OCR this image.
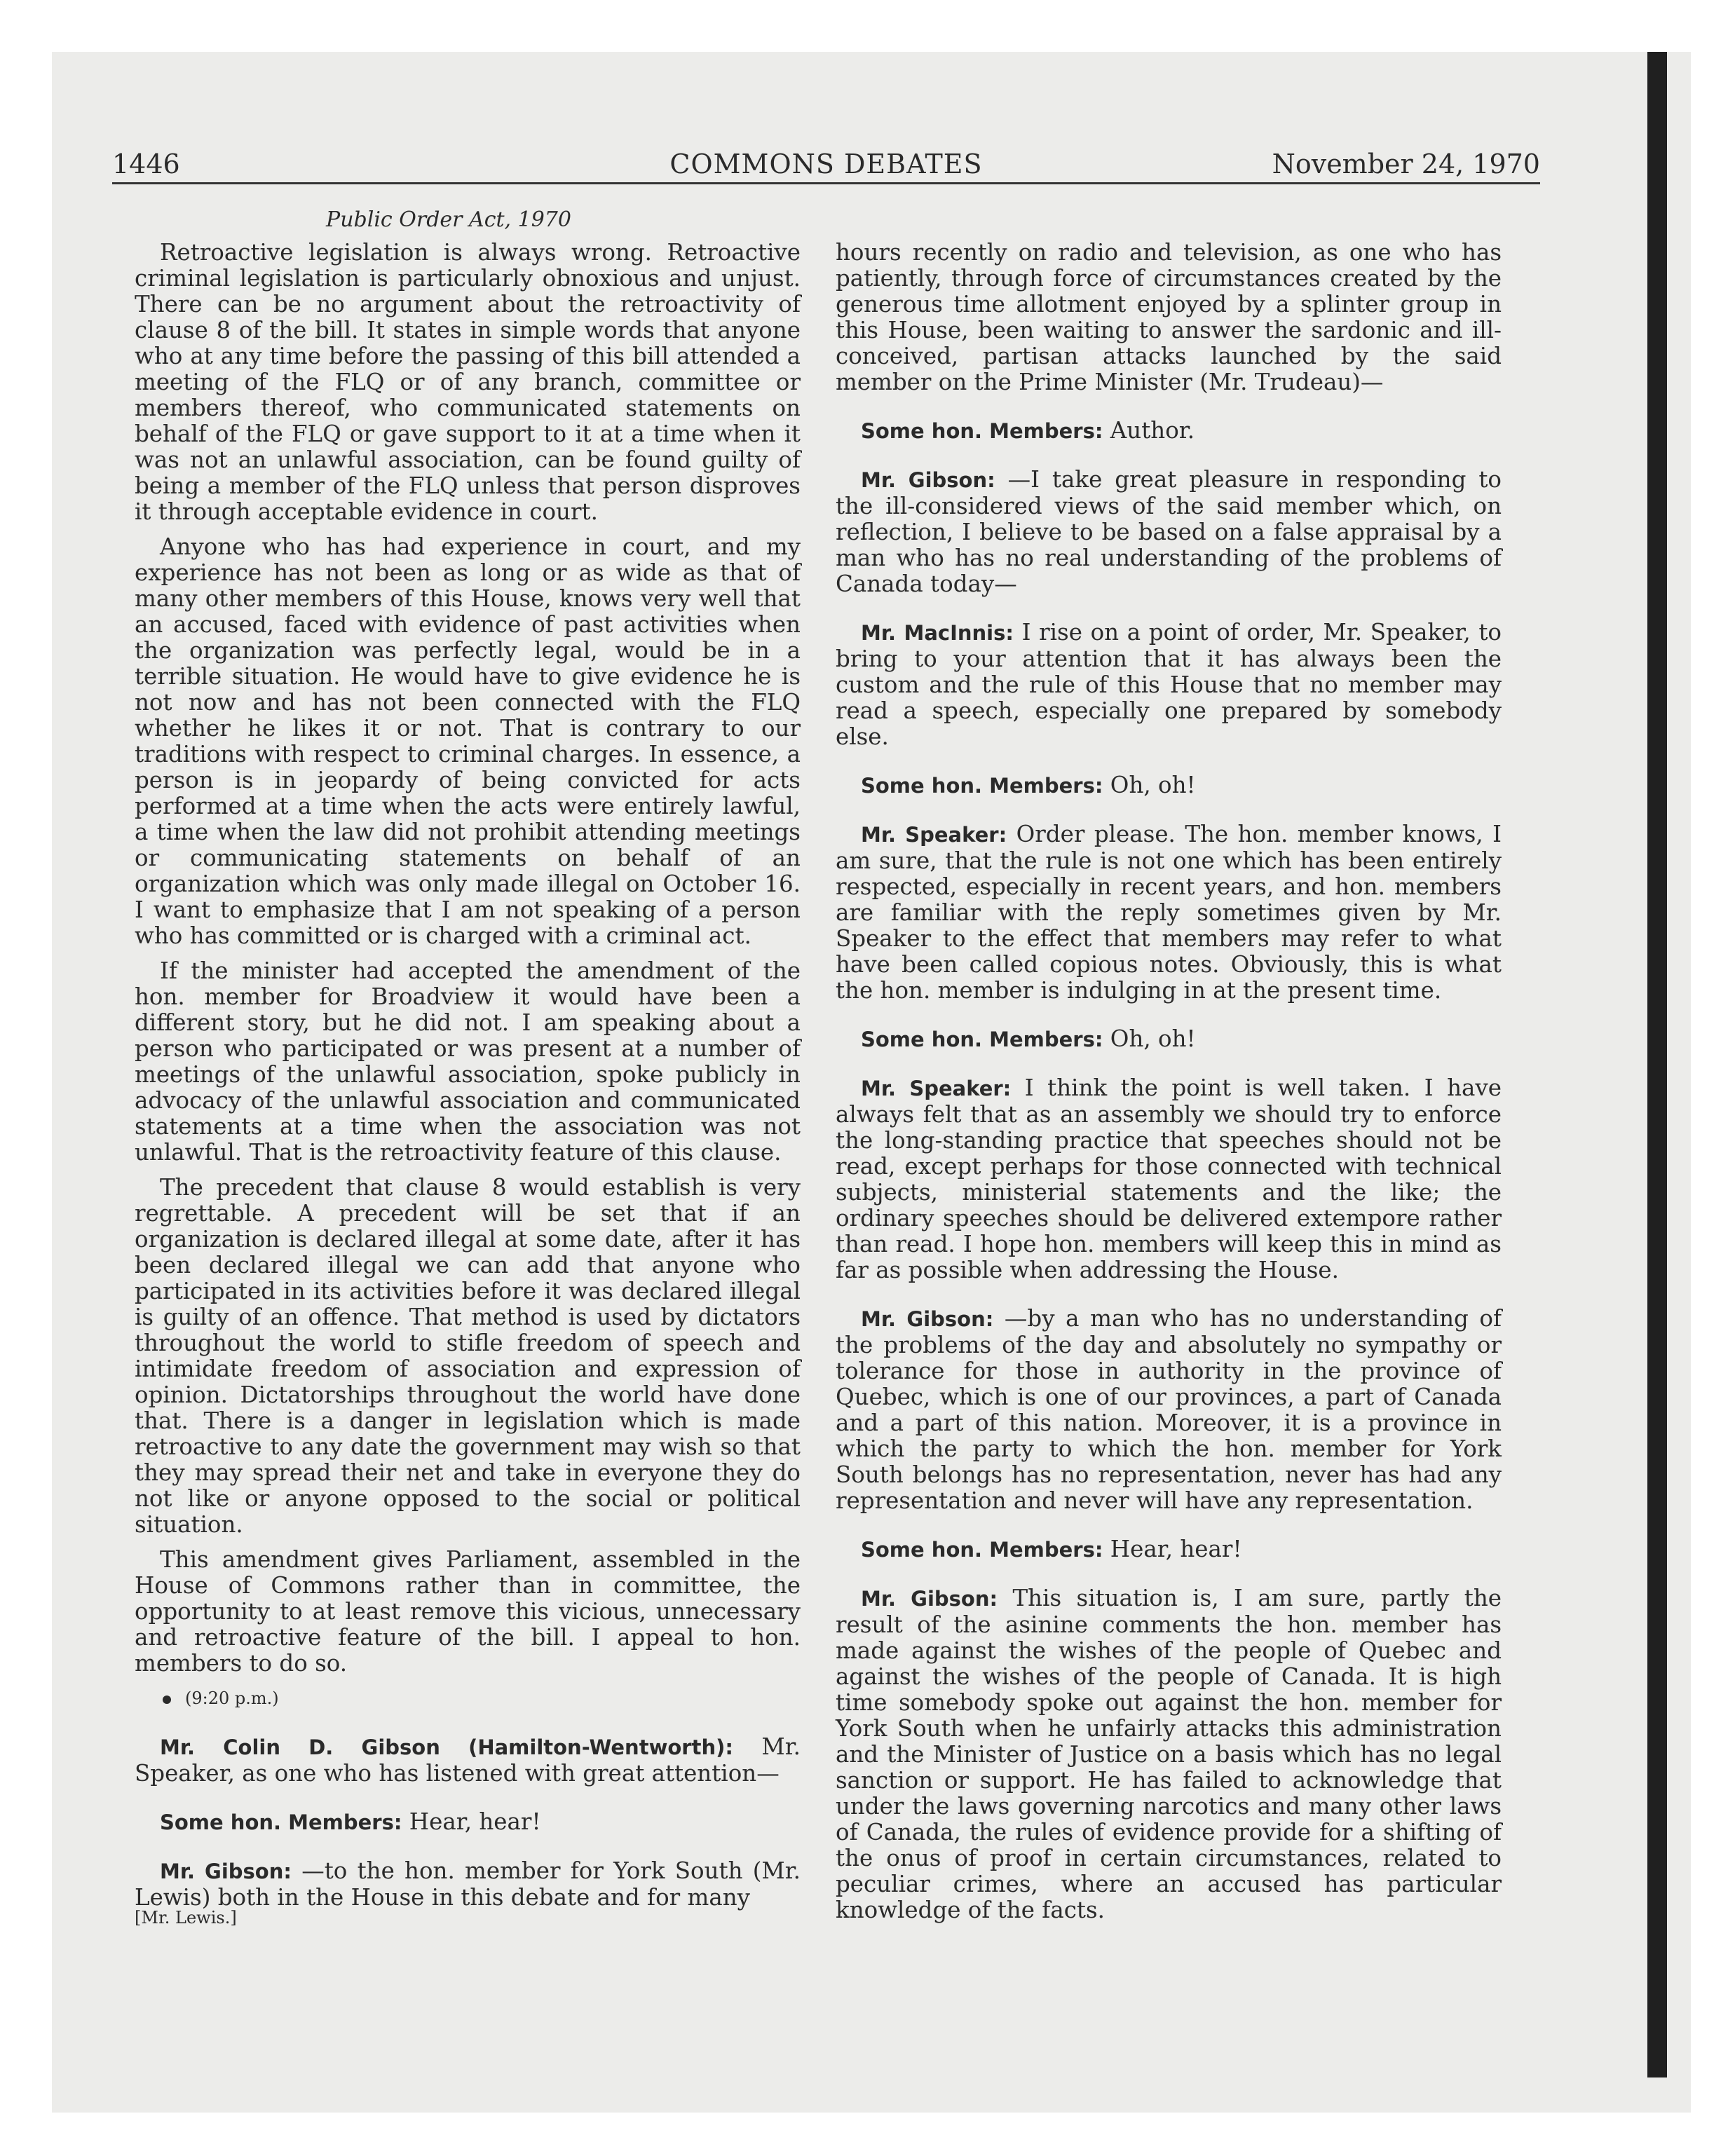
1446	COMMONS DEBATES	November 24, 1970
Public Order Act, 1970

Retroactive legislation is always wrong. Retroactive criminal legislation is particularly obnoxious and unjust. There can be no argument about the retroactivity of clause 8 of the bill. It states in simple words that anyone who at any time before the passing of this bill attended a meeting of the FLQ or of any branch, committee or members thereof, who communicated statements on behalf of the FLQ or gave support to it at a time when it was not an unlawful association, can be found guilty of being a member of the FLQ unless that person disproves it through acceptable evidence in court.

Anyone who has had experience in court, and my experience has not been as long or as wide as that of many other members of this House, knows very well that an accused, faced with evidence of past activities when the organization was perfectly legal, would be in a terrible situation. He would have to give evidence he is not now and has not been connected with the FLQ whether he likes it or not. That is contrary to our traditions with respect to criminal charges. In essence, a person is in jeopardy of being convicted for acts performed at a time when the acts were entirely lawful, a time when the law did not prohibit attending meetings or communicating statements on behalf of an organization which was only made illegal on October 16. I want to emphasize that I am not speaking of a person who has committed or is charged with a criminal act.

If the minister had accepted the amendment of the hon. member for Broadview it would have been a different story, but he did not. I am speaking about a person who participated or was present at a number of meetings of the unlawful association, spoke publicly in advocacy of the unlawful association and communicated statements at a time when the association was not unlawful. That is the retroactivity feature of this clause.

The precedent that clause 8 would establish is very regrettable. A precedent will be set that if an organization is declared illegal at some date, after it has been declared illegal we can add that anyone who participated in its activities before it was declared illegal is guilty of an offence. That method is used by dictators throughout the world to stifle freedom of speech and intimidate freedom of association and expression of opinion. Dictatorships throughout the world have done that. There is a danger in legislation which is made retroactive to any date the government may wish so that they may spread their net and take in everyone they do not like or anyone opposed to the social or political situation.

This amendment gives Parliament, assembled in the House of Commons rather than in committee, the opportunity to at least remove this vicious, unnecessary and retroactive feature of the bill. I appeal to hon. members to do so.

(9:20 p.m.)

Mr. Colin D. Gibson (Hamilton-Wentworth): Mr. Speaker, as one who has listened with great attention—

Some hon. Members: Hear, hear!

Mr. Gibson: —to the hon. member for York South (Mr. Lewis) both in the House in this debate and for many

hours recently on radio and television, as one who has patiently, through force of circumstances created by the generous time allotment enjoyed by a splinter group in this House, been waiting to answer the sardonic and ill-conceived, partisan attacks launched by the said member on the Prime Minister (Mr. Trudeau)—

Some hon. Members: Author.

Mr. Gibson: —I take great pleasure in responding to the ill-considered views of the said member which, on reflection, I believe to be based on a false appraisal by a man who has no real understanding of the problems of Canada today—

Mr. MacInnis: I rise on a point of order, Mr. Speaker, to bring to your attention that it has always been the custom and the rule of this House that no member may read a speech, especially one prepared by somebody else.

Some hon. Members: Oh, oh!

Mr. Speaker: Order please. The hon. member knows, I am sure, that the rule is not one which has been entirely respected, especially in recent years, and hon. members are familiar with the reply sometimes given by Mr. Speaker to the effect that members may refer to what have been called copious notes. Obviously, this is what the hon. member is indulging in at the present time.

Some hon. Members: Oh, oh!

Mr. Speaker: I think the point is well taken. I have always felt that as an assembly we should try to enforce the long-standing practice that speeches should not be read, except perhaps for those connected with technical subjects, ministerial statements and the like; the ordinary speeches should be delivered extempore rather than read. I hope hon. members will keep this in mind as far as possible when addressing the House.

Mr. Gibson: —by a man who has no understanding of the problems of the day and absolutely no sympathy or tolerance for those in authority in the province of Quebec, which is one of our provinces, a part of Canada and a part of this nation. Moreover, it is a province in which the party to which the hon. member for York South belongs has no representation, never has had any representation and never will have any representation.

Some hon. Members: Hear, hear!

Mr. Gibson: This situation is, I am sure, partly the result of the asinine comments the hon. member has made against the wishes of the people of Quebec and against the wishes of the people of Canada. It is high time somebody spoke out against the hon. member for York South when he unfairly attacks this administration and the Minister of Justice on a basis which has no legal sanction or support. He has failed to acknowledge that under the laws governing narcotics and many other laws of Canada, the rules of evidence provide for a shifting of the onus of proof in certain circumstances, related to peculiar crimes, where an accused has particular knowledge of the facts.

[Mr. Lewis.]
